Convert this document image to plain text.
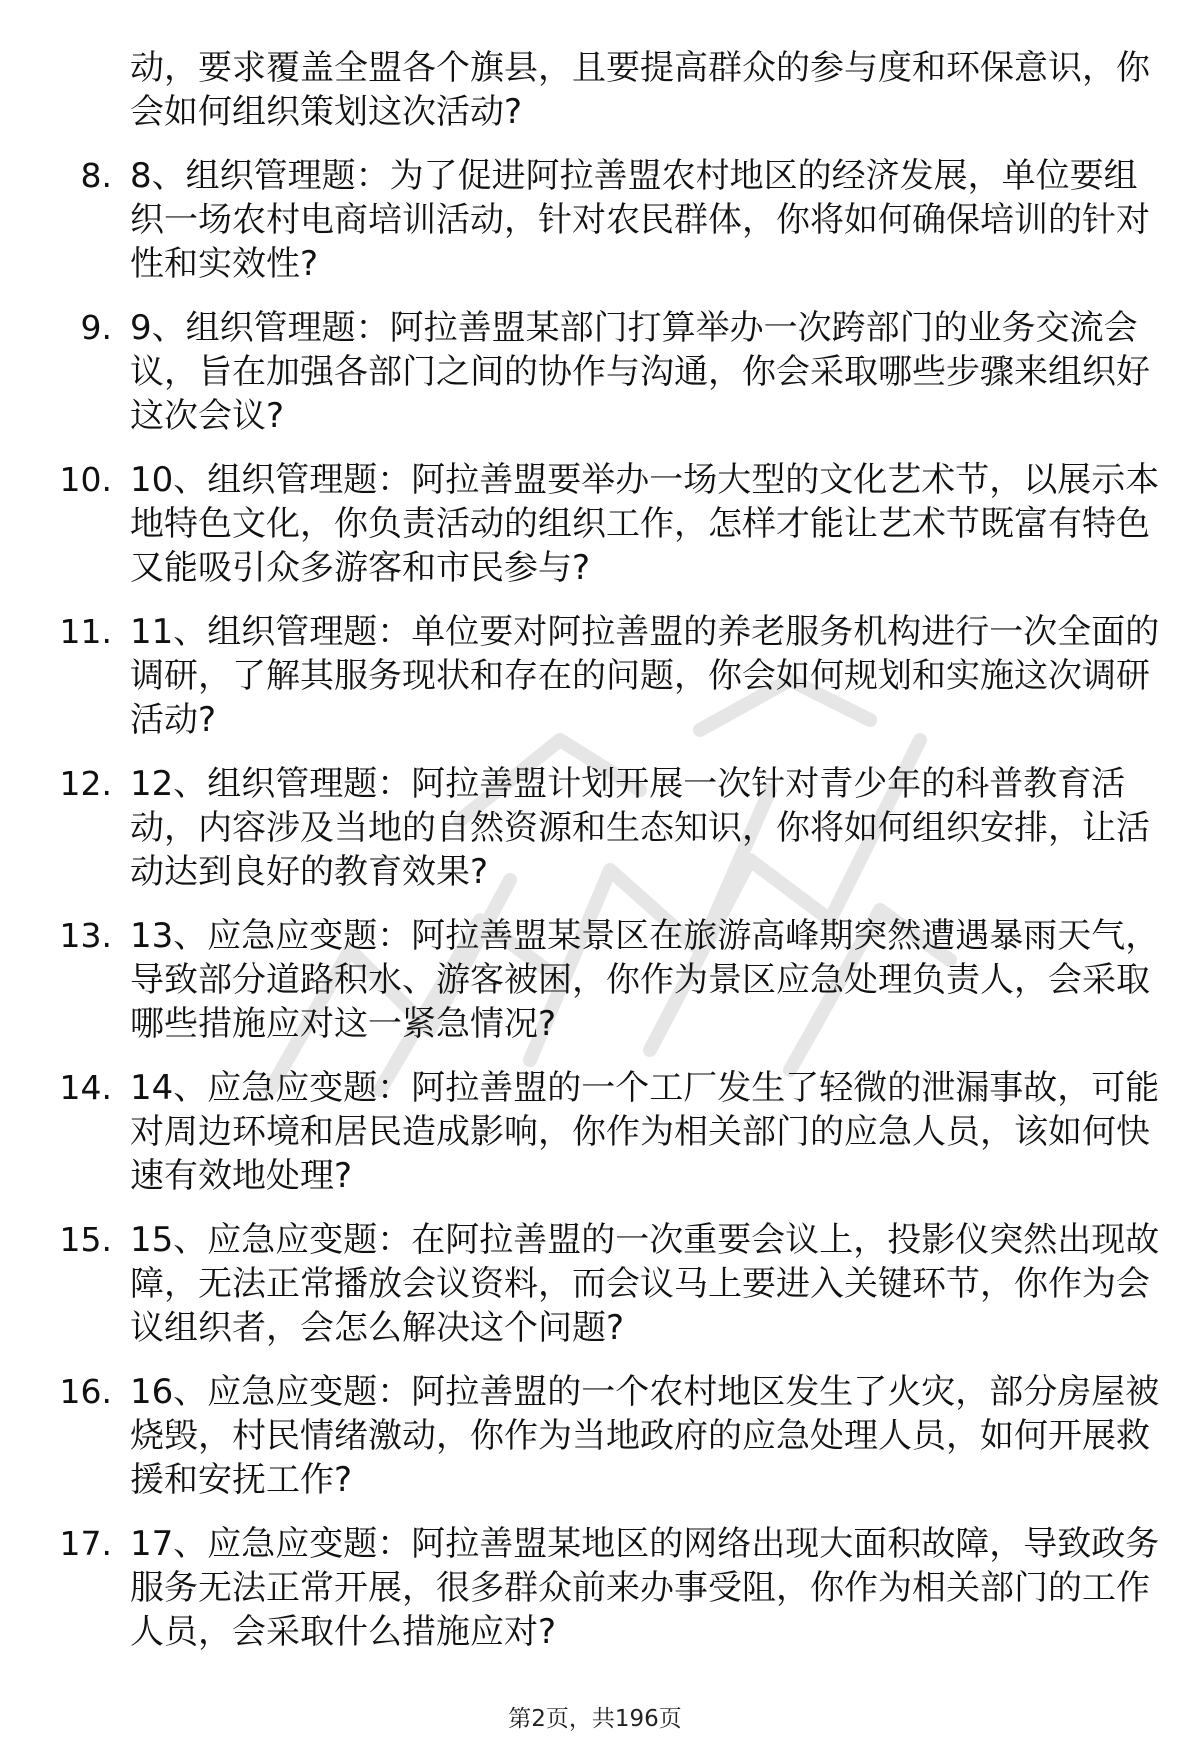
动，要求覆盖全盟各个旗县，且要提高群众的参与度和环保意识，你会如何组织策划这次活动?
8. 8、组织管理题：为了促进阿拉善盟农村地区的经济发展，单位要组织一场农村电商培训活动，针对农民群体，你将如何确保培训的针对性和实效性?
9. 9、组织管理题：阿拉善盟某部门打算举办一次跨部门的业务交流会议，旨在加强各部门之间的协作与沟通，你会采取哪些步骤来组织好这次会议?
10. 10、组织管理题：阿拉善盟要举办一场大型的文化艺术节，以展示本地特色文化，你负责活动的组织工作，怎样才能让艺术节既富有特色又能吸引众多游客和市民参与?
11. 11、组织管理题：单位要对阿拉善盟的养老服务机构进行一次全面的调研，了解其服务现状和存在的问题，你会如何规划和实施这次调研活动?
12. 12、组织管理题：阿拉善盟计划开展一次针对青少年的科普教育活动，内容涉及当地的自然资源和生态知识，你将如何组织安排，让活动达到良好的教育效果?
13. 13、应急应变题：阿拉善盟某景区在旅游高峰期突然遭遇暴雨天气，导致部分道路积水、游客被困，你作为景区应急处理负责人，会采取哪些措施应对这一紧急情况?
14. 14、应急应变题：阿拉善盟的一个工厂发生了轻微的泄漏事故，可能对周边环境和居民造成影响，你作为相关部门的应急人员，该如何快速有效地处理?
15. 15、应急应变题：在阿拉善盟的一次重要会议上，投影仪突然出现故障，无法正常播放会议资料，而会议马上要进入关键环节，你作为会议组织者，会怎么解决这个问题?
16. 16、应急应变题：阿拉善盟的一个农村地区发生了火灾，部分房屋被烧毁，村民情绪激动，你作为当地政府的应急处理人员，如何开展救援和安抚工作?
17. 17、应急应变题：阿拉善盟某地区的网络出现大面积故障，导致政务服务无法正常开展，很多群众前来办事受阻，你作为相关部门的工作人员，会采取什么措施应对?
第2页，共196页
